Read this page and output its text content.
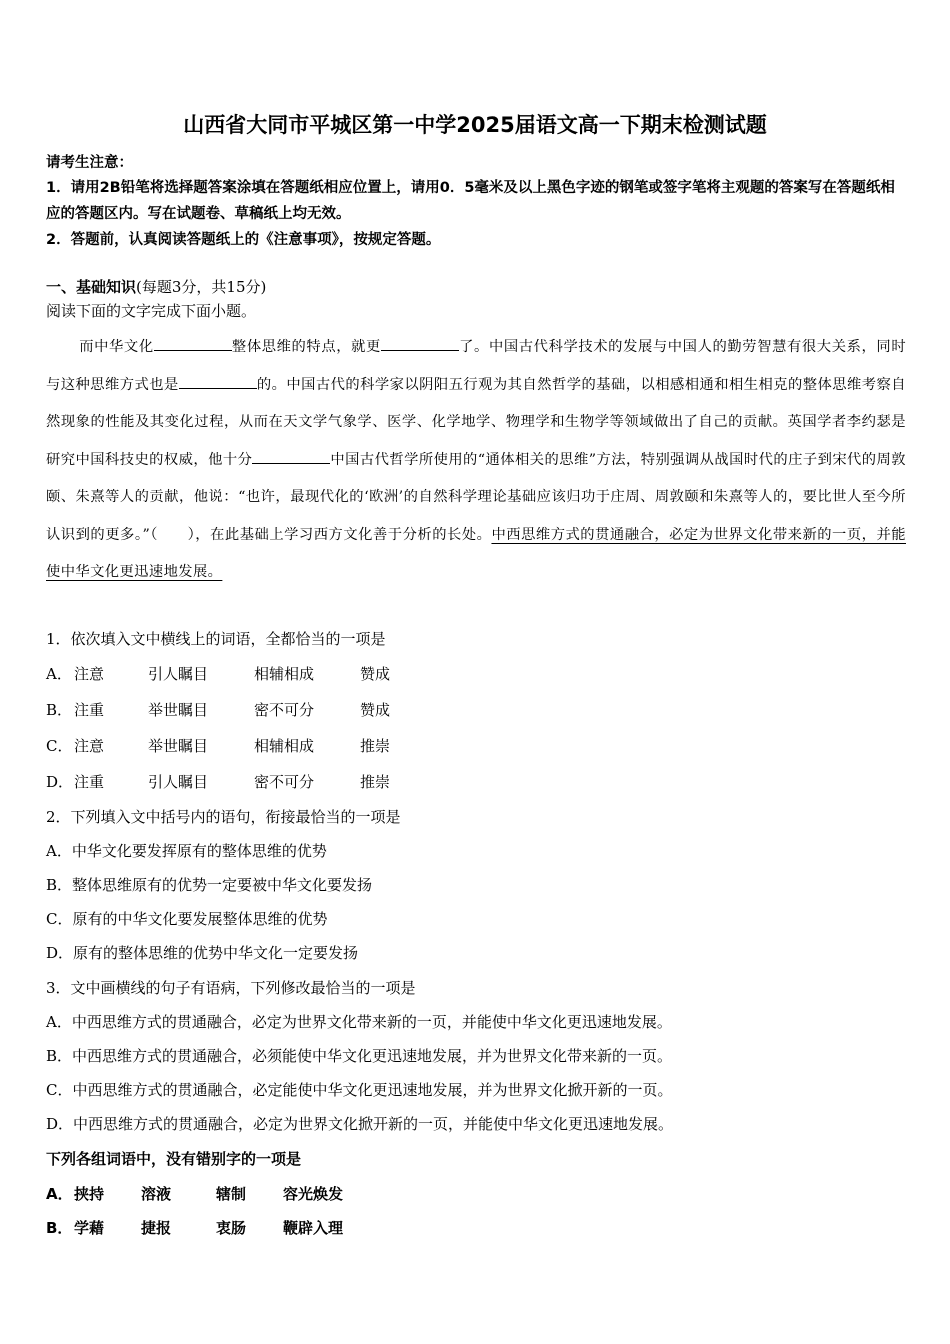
山西省大同市平城区第一中学2025届语文高一下期末检测试题
请考生注意：
1．请用2B铅笔将选择题答案涂填在答题纸相应位置上，请用0．5毫米及以上黑色字迹的钢笔或签字笔将主观题的答案写在答题纸相应的答题区内。写在试题卷、草稿纸上均无效。
2．答题前，认真阅读答题纸上的《注意事项》，按规定答题。
一、基础知识(每题3分，共15分)
阅读下面的文字完成下面小题。
而中华文化	整体思维的特点，就更	了。中国古代科学技术的发展与中国人的勤劳智慧有很大关系，同时与这种思维方式也是	的。中国古代的科学家以阴阳五行观为其自然哲学的基础，以相感相通和相生相克的整体思维考察自然现象的性能及其变化过程，从而在天文学气象学、医学、化学地学、物理学和生物学等领域做出了自己的贡献。英国学者李约瑟是研究中国科技史的权威，他十分	中国古代哲学所使用的“通体相关的思维”方法，特别强调从战国时代的庄子到宋代的周敦颐、朱熹等人的贡献，他说：“也许，最现代化的‘欧洲’的自然科学理论基础应该归功于庄周、周敦颐和朱熹等人的，要比世人至今所认识到的更多。”（　　），在此基础上学习西方文化善于分析的长处。中西思维方式的贯通融合，必定为世界文化带来新的一页，并能使中华文化更迅速地发展。
1．依次填入文中横线上的词语，全都恰当的一项是
A． 注意	引人瞩目	相辅相成	赞成
B． 注重	举世瞩目	密不可分	赞成
C． 注意	举世瞩目	相辅相成	推崇
D．注重	引人瞩目	密不可分	推崇
2．下列填入文中括号内的语句，衔接最恰当的一项是
A．中华文化要发挥原有的整体思维的优势
B．整体思维原有的优势一定要被中华文化要发扬
C．原有的中华文化要发展整体思维的优势
D．原有的整体思维的优势中华文化一定要发扬
3．文中画横线的句子有语病，下列修改最恰当的一项是
A．中西思维方式的贯通融合，必定为世界文化带来新的一页，并能使中华文化更迅速地发展。
B．中西思维方式的贯通融合，必须能使中华文化更迅速地发展，并为世界文化带来新的一页。
C．中西思维方式的贯通融合，必定能使中华文化更迅速地发展，并为世界文化掀开新的一页。
D．中西思维方式的贯通融合，必定为世界文化掀开新的一页，并能使中华文化更迅速地发展。
下列各组词语中，没有错别字的一项是
A．挟持 溶液	辖制 容光焕发
B． 学藉 捷报	衷肠 鞭辟入理
